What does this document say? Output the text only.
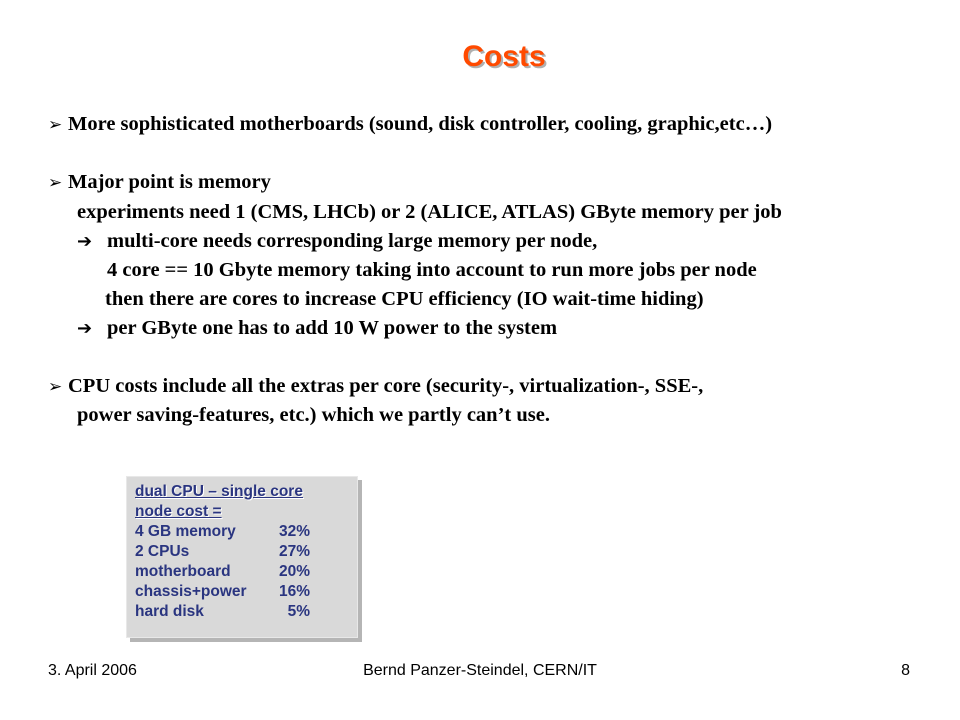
Costs
➢ More sophisticated motherboards (sound, disk controller, cooling, graphic,etc…)
➢ Major point is memory
experiments need 1 (CMS, LHCb) or 2 (ALICE, ATLAS) GByte memory per job
➔ multi-core needs corresponding large memory per node,
4 core == 10 Gbyte memory taking into account to run more jobs per node
then there are cores to increase CPU efficiency (IO wait-time hiding)
➔ per GByte one has to add 10 W power to the system
➢ CPU costs include all the extras per core (security-, virtualization-, SSE-,
power saving-features, etc.) which we partly can’t use.
dual CPU – single core
node cost =
4 GB memory	32%
2 CPUs	27%
motherboard	20%
chassis+power 16%
hard disk	5%
3. April 2006	Bernd Panzer-Steindel, CERN/IT	8
